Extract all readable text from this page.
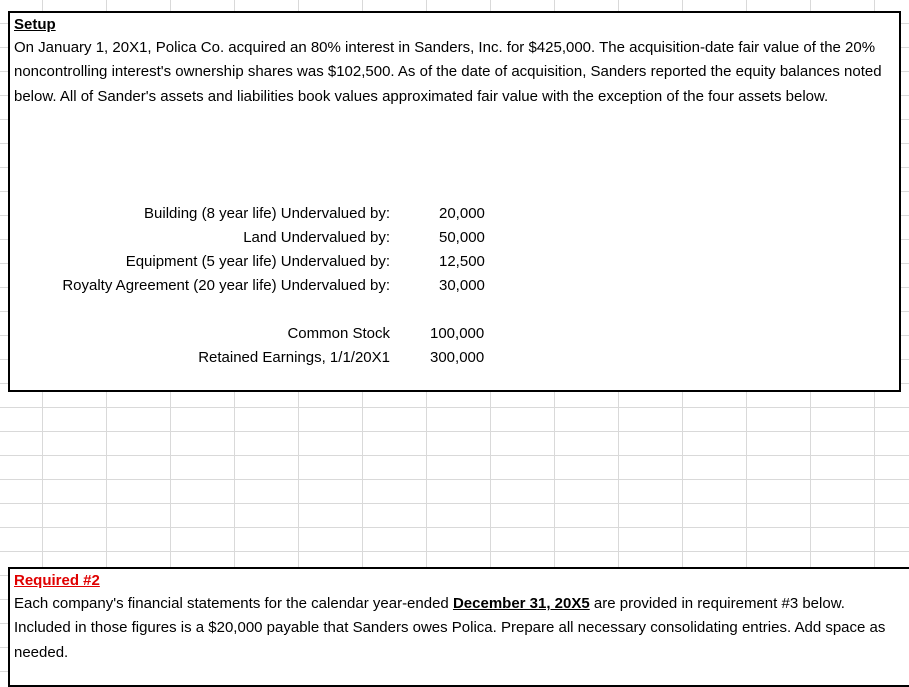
Setup
On January 1, 20X1, Polica Co. acquired an 80% interest in Sanders, Inc. for $425,000. The acquisition-date fair value of the 20% noncontrolling interest's ownership shares was $102,500. As of the date of acquisition, Sanders reported the equity balances noted below. All of Sander's assets and liabilities book values approximated fair value with the exception of the four assets below.
Building (8 year life) Undervalued by:	20,000
Land Undervalued by:	50,000
Equipment (5 year life) Undervalued by:	12,500
Royalty Agreement (20 year life) Undervalued by:	30,000
Common Stock	100,000
Retained Earnings, 1/1/20X1	300,000
Required #2
Each company's financial statements for the calendar year-ended December 31, 20X5 are provided in requirement #3 below. Included in those figures is a $20,000 payable that Sanders owes Polica. Prepare all necessary consolidating entries. Add space as needed.
